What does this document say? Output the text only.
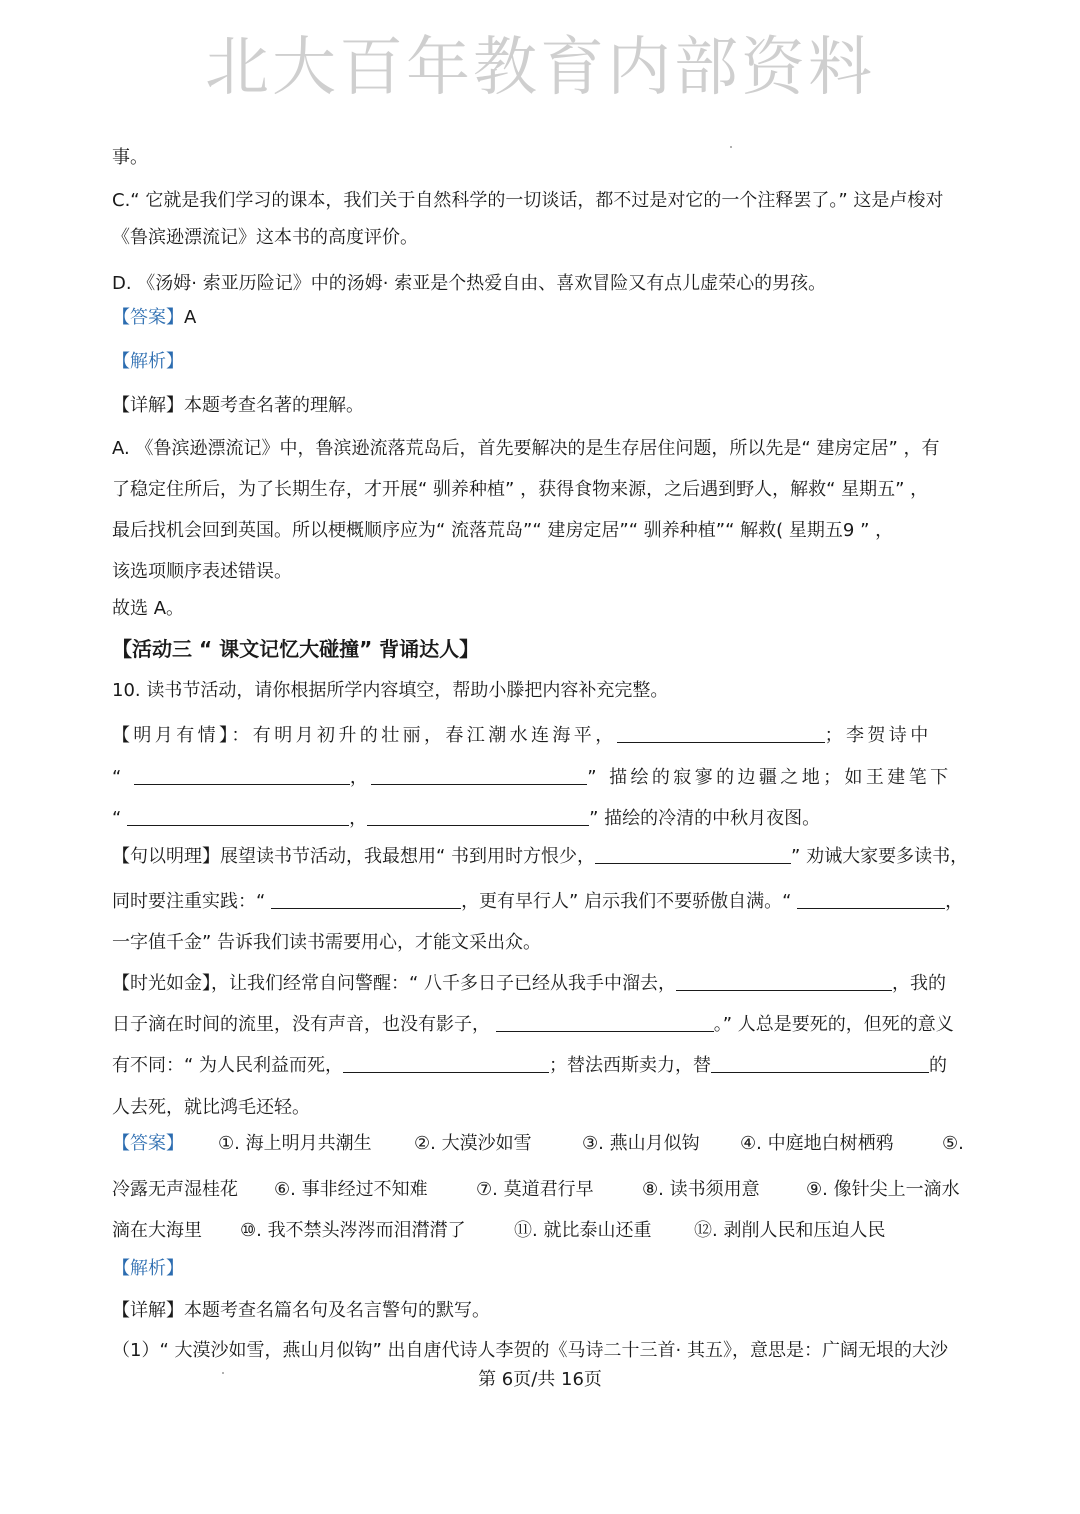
北大百年教育内部资料
事。
C.“ 它就是我们学习的课本，我们关于自然科学的一切谈话，都不过是对它的一个注释罢了。” 这是卢梭对
《鲁滨逊漂流记》这本书的高度评价。
D. 《汤姆· 索亚历险记》中的汤姆· 索亚是个热爱自由、喜欢冒险又有点儿虚荣心的男孩。
【答案】A
【解析】
【详解】本题考查名著的理解。
A. 《鲁滨逊漂流记》中，鲁滨逊流落荒岛后，首先要解决的是生存居住问题，所以先是“ 建房定居” ，有
了稳定住所后，为了长期生存，才开展“ 驯养种植” ，获得食物来源，之后遇到野人，解救“ 星期五” ，
最后找机会回到英国。所以梗概顺序应为“ 流落荒岛”“ 建房定居”“ 驯养种植”“ 解救( 星期五9 ” ，
该选项顺序表述错误。
故选 A。
【活动三 “ 课文记忆大碰撞” 背诵达人】
10. 读书节活动，请你根据所学内容填空，帮助小滕把内容补充完整。
【明月有情】：有明月初升的壮丽，春江潮水连海平，	；李贺诗中
“	，	” 描绘的寂寥的边疆之地；如王建笔下
“	，	” 描绘的冷清的中秋月夜图。
【句以明理】展望读书节活动，我最想用“ 书到用时方恨少，	” 劝诫大家要多读书，
同时要注重实践：“	，更有早行人” 启示我们不要骄傲自满。“	，
一字值千金” 告诉我们读书需要用心，才能文采出众。
【时光如金】，让我们经常自问警醒：“ 八千多日子已经从我手中溜去，	，我的
日子滴在时间的流里，没有声音，也没有影子，	。” 人总是要死的，但死的意义
有不同：“ 为人民利益而死，	；替法西斯卖力，替	的
人去死，就比鸿毛还轻。
【答案】 ①. 海上明月共潮生 ②. 大漠沙如雪	③. 燕山月似钩 ④. 中庭地白树栖鸦	⑤.
冷露无声湿桂花 ⑥. 事非经过不知难	⑦. 莫道君行早	⑧. 读书须用意	⑨. 像针尖上一滴水
滴在大海里 ⑩. 我不禁头涔涔而泪潸潸了	⑪. 就比泰山还重 ⑫. 剥削人民和压迫人民
【解析】
【详解】本题考查名篇名句及名言警句的默写。
（1）“ 大漠沙如雪，燕山月似钩” 出自唐代诗人李贺的《马诗二十三首· 其五》，意思是：广阔无垠的大沙
第 6页/共 16页
